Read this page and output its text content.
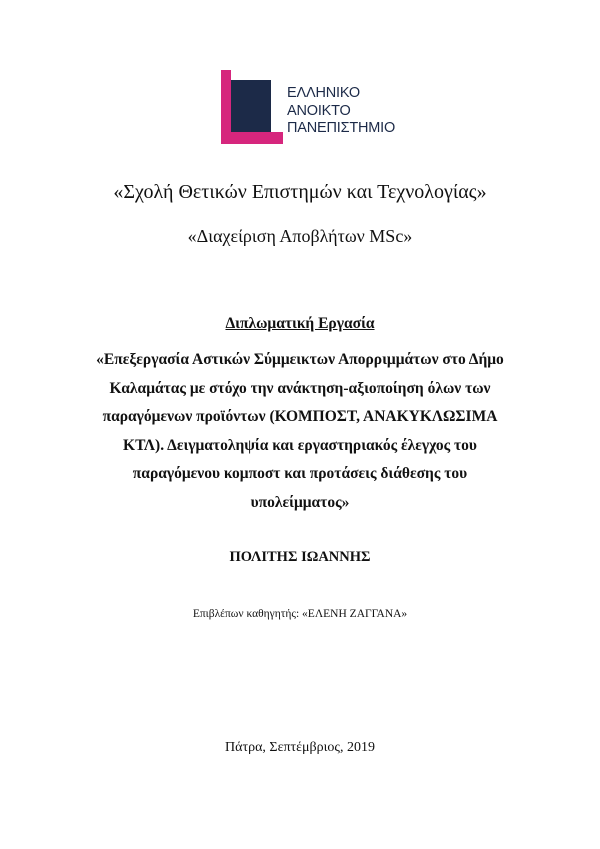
ΕΛΛΗΝΙΚΟ
ΑΝΟΙΚΤΟ
ΠΑΝΕΠΙΣΤΗΜΙΟ
«Σχολή Θετικών Επιστημών και Τεχνολογίας»
«Διαχείριση Αποβλήτων MSc»
Διπλωματική Εργασία
«Επεξεργασία Αστικών Σύμμεικτων Απορριμμάτων στο Δήμο
Καλαμάτας με στόχο την ανάκτηση-αξιοποίηση όλων των
παραγόμενων προϊόντων (ΚΟΜΠΟΣΤ, ΑΝΑΚΥΚΛΩΣΙΜΑ
ΚΤΛ). Δειγματοληψία και εργαστηριακός έλεγχος του
παραγόμενου κομποστ και προτάσεις διάθεσης του
υπολείμματος»
ΠΟΛΙΤΗΣ ΙΩΑΝΝΗΣ
Επιβλέπων καθηγητής: «ΕΛΕΝΗ ΖΑΓΓΑΝΑ»
Πάτρα, Σεπτέμβριος, 2019
